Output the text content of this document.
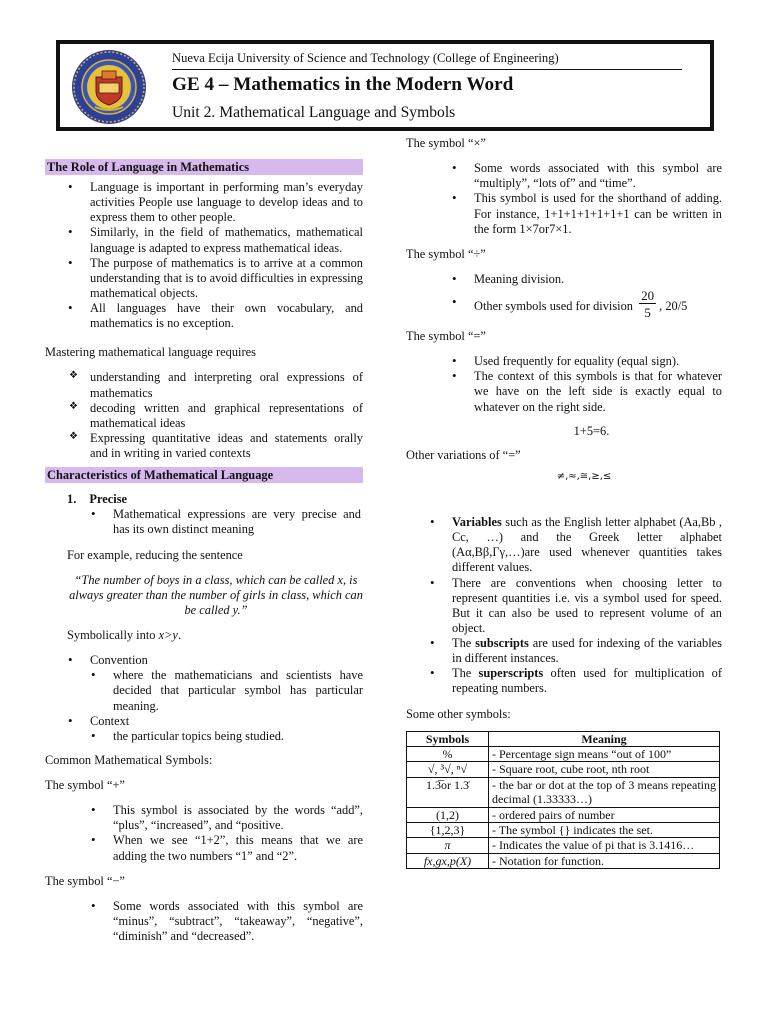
Nueva Ecija University of Science and Technology (College of Engineering)
GE 4 – Mathematics in the Modern Word
Unit 2. Mathematical Language and Symbols
The Role of Language in Mathematics
• Language is important in performing man’s everyday activities People use language to develop ideas and to express them to other people.
• Similarly, in the field of mathematics, mathematical language is adapted to express mathematical ideas.
• The purpose of mathematics is to arrive at a common understanding that is to avoid difficulties in expressing mathematical objects.
• All languages have their own vocabulary, and mathematics is no exception.

Mastering mathematical language requires

❖ understanding and interpreting oral expressions of mathematics
❖ decoding written and graphical representations of mathematical ideas
❖ Expressing quantitative ideas and statements orally and in writing in varied contexts
Characteristics of Mathematical Language
1. Precise
• Mathematical expressions are very precise and has its own distinct meaning

For example, reducing the sentence

“The number of boys in a class, which can be called x, is always greater than the number of girls in class, which can be called y.”

Symbolically into x>y.

• Convention
• where the mathematicians and scientists have decided that particular symbol has particular meaning.
• Context
• the particular topics being studied.

Common Mathematical Symbols:

The symbol “+”

• This symbol is associated by the words “add”, “plus”, “increased”, and “positive.
• When we see “1+2”, this means that we are adding the two numbers “1” and “2”.

The symbol “−”

• Some words associated with this symbol are “minus”, “subtract”, “takeaway”, “negative”, “diminish” and “decreased”.

The symbol “×”

• Some words associated with this symbol are “multiply”, “lots of” and “time”.
• This symbol is used for the shorthand of adding. For instance, 1+1+1+1+1+1+1 can be written in the form 1×7or7×1.

The symbol “÷”

• Meaning division.
• Other symbols used for division $\frac{20}{5}$ , 20/5

The symbol “=”

• Used frequently for equality (equal sign).
• The context of this symbols is that for whatever we have on the left side is exactly equal to whatever on the right side.

1+5=6.

Other variations of “=”

≠,≈,≅,≥,≤

• Variables such as the English letter alphabet (Aa,Bb , Cc, …) and the Greek letter alphabet (Aα,Bβ,Γγ,…)are used whenever quantities takes different values.
• There are conventions when choosing letter to represent quantities i.e. νis a symbol used for speed. But it can also be used to represent volume of an object.
• The subscripts are used for indexing of the variables in different instances.
• The superscripts often used for multiplication of repeating numbers.

Some other symbols:

Symbols	Meaning
%	- Percentage sign means “out of 100”
√, ³√, ⁿ√	- Square root, cube root, nth root
1.3̅or 1.3̇	- the bar or dot at the top of 3 means repeating decimal (1.33333…)
(1,2)	- ordered pairs of number
{1,2,3}	- The symbol {} indicates the set.
π	- Indicates the value of pi that is 3.1416…
fx,gx,p(X)	- Notation for function.
